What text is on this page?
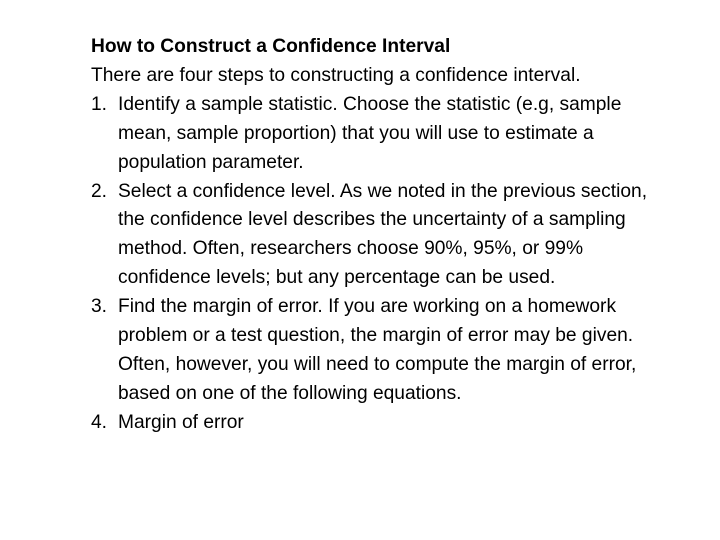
How to Construct a Confidence Interval

There are four steps to constructing a confidence interval.

1. Identify a sample statistic. Choose the statistic (e.g, sample mean, sample proportion) that you will use to estimate a population parameter.
2. Select a confidence level. As we noted in the previous section, the confidence level describes the uncertainty of a sampling method. Often, researchers choose 90%, 95%, or 99% confidence levels; but any percentage can be used.
3. Find the margin of error. If you are working on a homework problem or a test question, the margin of error may be given. Often, however, you will need to compute the margin of error, based on one of the following equations.
4. Margin of error
